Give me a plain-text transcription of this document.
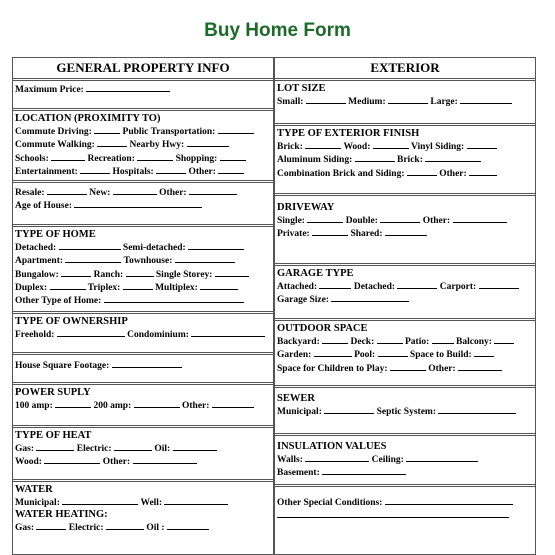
Buy Home Form
GENERAL PROPERTY INFO
Maximum Price:
LOCATION (PROXIMITY TO)
Commute Driving:	Public Transportation:
Commute Walking:	Nearby Hwy:
Schools:	Recreation:	Shopping:
Entertainment:	Hospitals:	Other:
Resale:	New:	Other:
Age of House:
TYPE OF HOME
Detached:	Semi-detached:
Apartment:	Townhouse:
Bungalow:	Ranch:	Single Storey:
Duplex:	Triplex:	Multiplex:
Other Type of Home:
TYPE OF OWNERSHIP
Freehold:	Condominium:
House Square Footage:
POWER SUPLY
100 amp:	200 amp:	Other:
TYPE OF HEAT
Gas:	Electric:	Oil:
Wood:	Other:
WATER
Municipal:	Well:
WATER HEATING:
Gas:	Electric:	Oil :
EXTERIOR
LOT SIZE
Small:	Medium:	Large:
TYPE OF EXTERIOR FINISH
Brick:	Wood:	Vinyl Siding:
Aluminum Siding:	Brick:
Combination Brick and Siding:	Other:
DRIVEWAY
Single:	Double:	Other:
Private:	Shared:
GARAGE TYPE
Attached:	Detached:	Carport:
Garage Size:
OUTDOOR SPACE
Backyard:	Deck:	Patio:	Balcony:
Garden:	Pool:	Space to Build:
Space for Children to Play:	Other:
SEWER
Municipal:	Septic System:
INSULATION VALUES
Walls:	Ceiling:
Basement:
Other Special Conditions:
